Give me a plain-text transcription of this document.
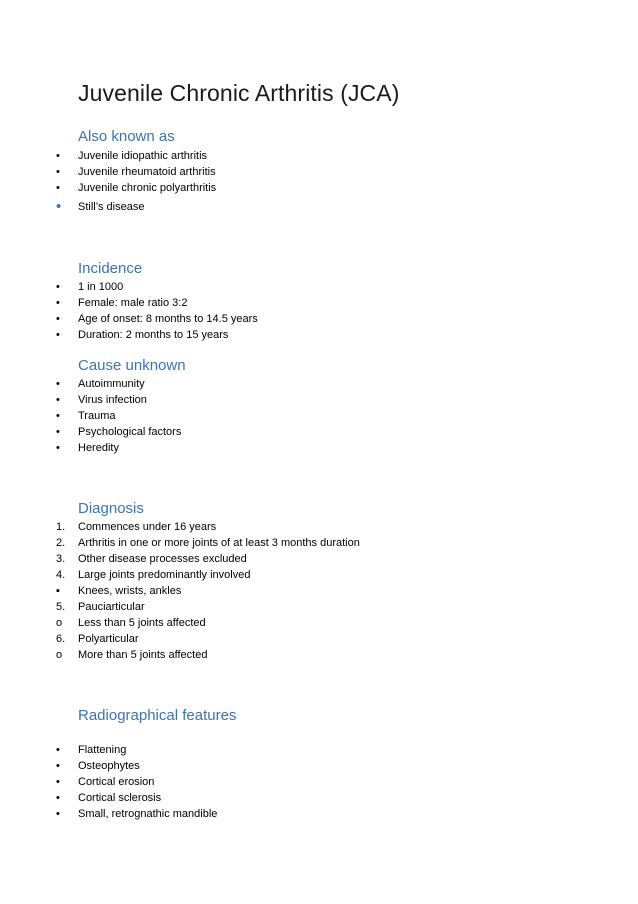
Juvenile Chronic Arthritis (JCA)
Also known as
•	Juvenile idiopathic arthritis
•	Juvenile rheumatoid arthritis
•	Juvenile chronic polyarthritis
•	Still’s disease
Incidence
•	1 in 1000
•	Female: male ratio 3:2
•	Age of onset: 8 months to 14.5 years
•	Duration: 2 months to 15 years
Cause unknown
•	Autoimmunity
•	Virus infection
•	Trauma
•	Psychological factors
•	Heredity
Diagnosis
1.	Commences under 16 years
2.	Arthritis in one or more joints of at least 3 months duration
3.	Other disease processes excluded
4.	Large joints predominantly involved
▪	Knees, wrists, ankles
5.	Pauciarticular
o	Less than 5 joints affected
6.	Polyarticular
o	More than 5 joints affected
Radiographical features
•	Flattening
•	Osteophytes
•	Cortical erosion
•	Cortical sclerosis
•	Small, retrognathic mandible
